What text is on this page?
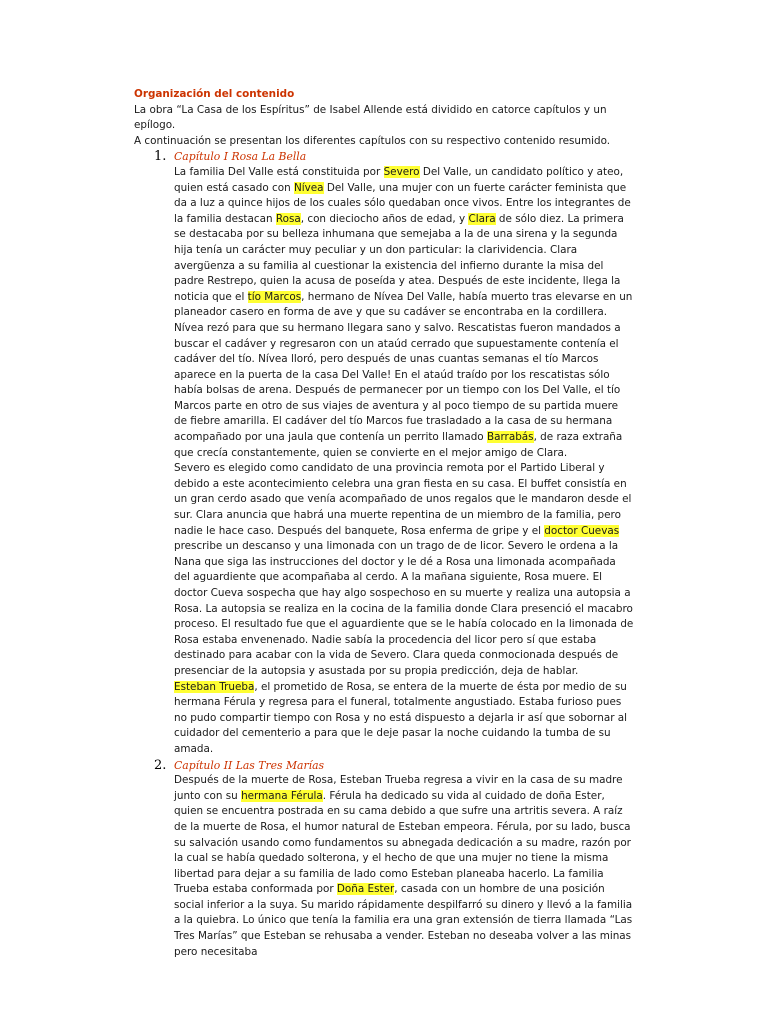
Organización del contenido

La obra “La Casa de los Espíritus” de Isabel Allende está dividido en catorce capítulos y un epílogo.

A continuación se presentan los diferentes capítulos con su respectivo contenido resumido.

1. Capítulo I Rosa La Bella

La familia Del Valle está constituida por Severo Del Valle, un candidato político y ateo, quien está casado con Nívea Del Valle, una mujer con un fuerte carácter feminista que da a luz a quince hijos de los cuales sólo quedaban once vivos. Entre los integrantes de la familia destacan Rosa, con dieciocho años de edad, y Clara de sólo diez. La primera se destacaba por su belleza inhumana que semejaba a la de una sirena y la segunda hija tenía un carácter muy peculiar y un don particular: la clarividencia. Clara avergüenza a su familia al cuestionar la existencia del infierno durante la misa del padre Restrepo, quien la acusa de poseída y atea. Después de este incidente, llega la noticia que el tío Marcos, hermano de Nívea Del Valle, había muerto tras elevarse en un planeador casero en forma de ave y que su cadáver se encontraba en la cordillera. Nívea rezó para que su hermano llegara sano y salvo. Rescatistas fueron mandados a buscar el cadáver y regresaron con un ataúd cerrado que supuestamente contenía el cadáver del tío. Nívea lloró, pero después de unas cuantas semanas el tío Marcos aparece en la puerta de la casa Del Valle! En el ataúd traído por los rescatistas sólo había bolsas de arena. Después de permanecer por un tiempo con los Del Valle, el tío Marcos parte en otro de sus viajes de aventura y al poco tiempo de su partida muere de fiebre amarilla. El cadáver del tío Marcos fue trasladado a la casa de su hermana acompañado por una jaula que contenía un perrito llamado Barrabás, de raza extraña que crecía constantemente, quien se convierte en el mejor amigo de Clara.

Severo es elegido como candidato de una provincia remota por el Partido Liberal y debido a este acontecimiento celebra una gran fiesta en su casa. El buffet consistía en un gran cerdo asado que venía acompañado de unos regalos que le mandaron desde el sur. Clara anuncia que habrá una muerte repentina de un miembro de la familia, pero nadie le hace caso. Después del banquete, Rosa enferma de gripe y el doctor Cuevas prescribe un descanso y una limonada con un trago de de licor. Severo le ordena a la Nana que siga las instrucciones del doctor y le dé a Rosa una limonada acompañada del aguardiente que acompañaba al cerdo. A la mañana siguiente, Rosa muere. El doctor Cueva sospecha que hay algo sospechoso en su muerte y realiza una autopsia a Rosa. La autopsia se realiza en la cocina de la familia donde Clara presenció el macabro proceso. El resultado fue que el aguardiente que se le había colocado en la limonada de Rosa estaba envenenado. Nadie sabía la procedencia del licor pero sí que estaba destinado para acabar con la vida de Severo. Clara queda conmocionada después de presenciar de la autopsia y asustada por su propia predicción, deja de hablar.

Esteban Trueba, el prometido de Rosa, se entera de la muerte de ésta por medio de su hermana Férula y regresa para el funeral, totalmente angustiado. Estaba furioso pues no pudo compartir tiempo con Rosa y no está dispuesto a dejarla ir así que sobornar al cuidador del cementerio a para que le deje pasar la noche cuidando la tumba de su amada.

2. Capítulo II Las Tres Marías

Después de la muerte de Rosa, Esteban Trueba regresa a vivir en la casa de su madre junto con su hermana Férula. Férula ha dedicado su vida al cuidado de doña Ester, quien se encuentra postrada en su cama debido a que sufre una artritis severa. A raíz de la muerte de Rosa, el humor natural de Esteban empeora. Férula, por su lado, busca su salvación usando como fundamentos su abnegada dedicación a su madre, razón por la cual se había quedado solterona, y el hecho de que una mujer no tiene la misma libertad para dejar a su familia de lado como Esteban planeaba hacerlo. La familia Trueba estaba conformada por Doña Ester, casada con un hombre de una posición social inferior a la suya. Su marido rápidamente despilfarró su dinero y llevó a la familia a la quiebra. Lo único que tenía la familia era una gran extensión de tierra llamada “Las Tres Marías” que Esteban se rehusaba a vender. Esteban no deseaba volver a las minas pero necesitaba
